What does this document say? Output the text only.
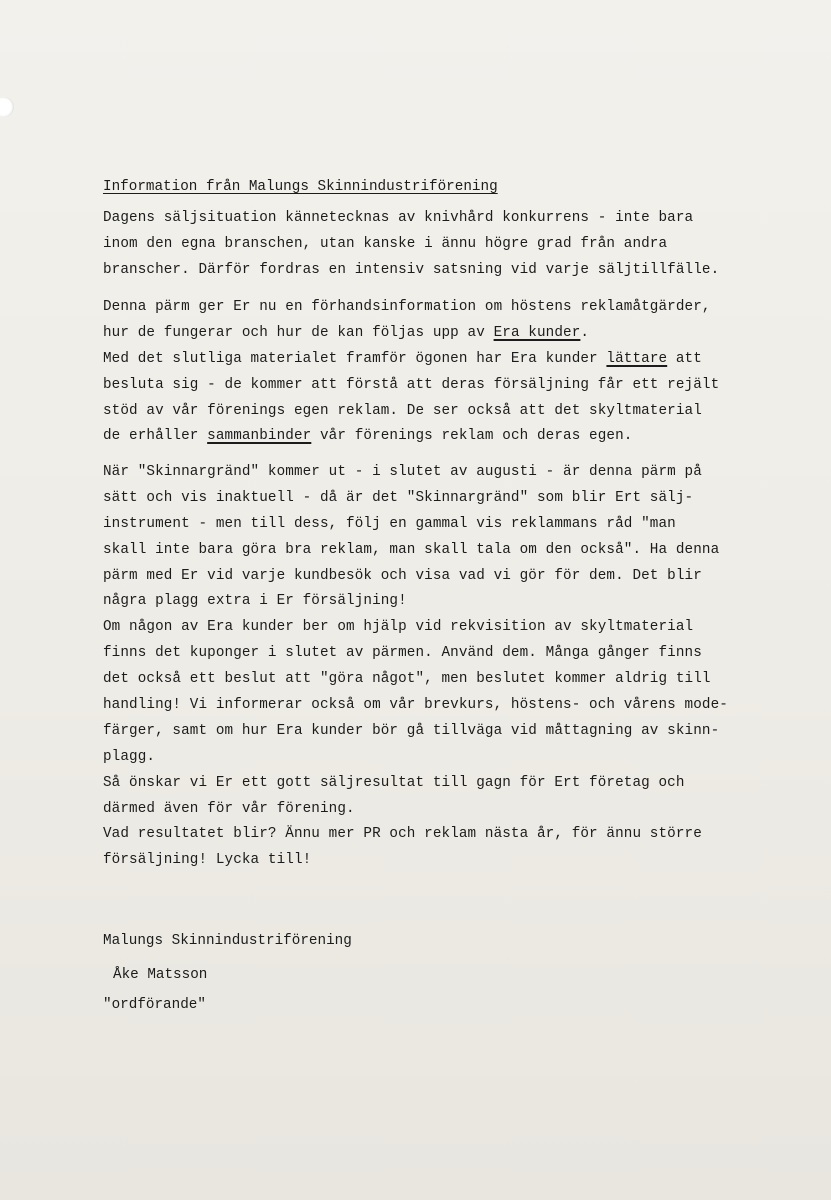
Information från Malungs Skinnindustriförening
Dagens säljsituation kännetecknas av knivhård konkurrens - inte bara
inom den egna branschen, utan kanske i ännu högre grad från andra
branscher. Därför fordras en intensiv satsning vid varje säljtillfälle.
Denna pärm ger Er nu en förhandsinformation om höstens reklamåtgärder,
hur de fungerar och hur de kan följas upp av Era kunder.
Med det slutliga materialet framför ögonen har Era kunder lättare att
besluta sig - de kommer att förstå att deras försäljning får ett rejält
stöd av vår förenings egen reklam. De ser också att det skyltmaterial
de erhåller sammanbinder vår förenings reklam och deras egen.
När "Skinnargränd" kommer ut - i slutet av augusti - är denna pärm på
sätt och vis inaktuell - då är det "Skinnargränd" som blir Ert sälj-
instrument - men till dess, följ en gammal vis reklammans råd "man
skall inte bara göra bra reklam, man skall tala om den också". Ha denna
pärm med Er vid varje kundbesök och visa vad vi gör för dem. Det blir
några plagg extra i Er försäljning!
Om någon av Era kunder ber om hjälp vid rekvisition av skyltmaterial
finns det kuponger i slutet av pärmen. Använd dem. Många gånger finns
det också ett beslut att "göra något", men beslutet kommer aldrig till
handling! Vi informerar också om vår brevkurs, höstens- och vårens mode-
färger, samt om hur Era kunder bör gå tillväga vid måttagning av skinn-
plagg.
Så önskar vi Er ett gott säljresultat till gagn för Ert företag och
därmed även för vår förening.
Vad resultatet blir? Ännu mer PR och reklam nästa år, för ännu större
försäljning! Lycka till!
Malungs Skinnindustriförening
Åke Matsson
"ordförande"
